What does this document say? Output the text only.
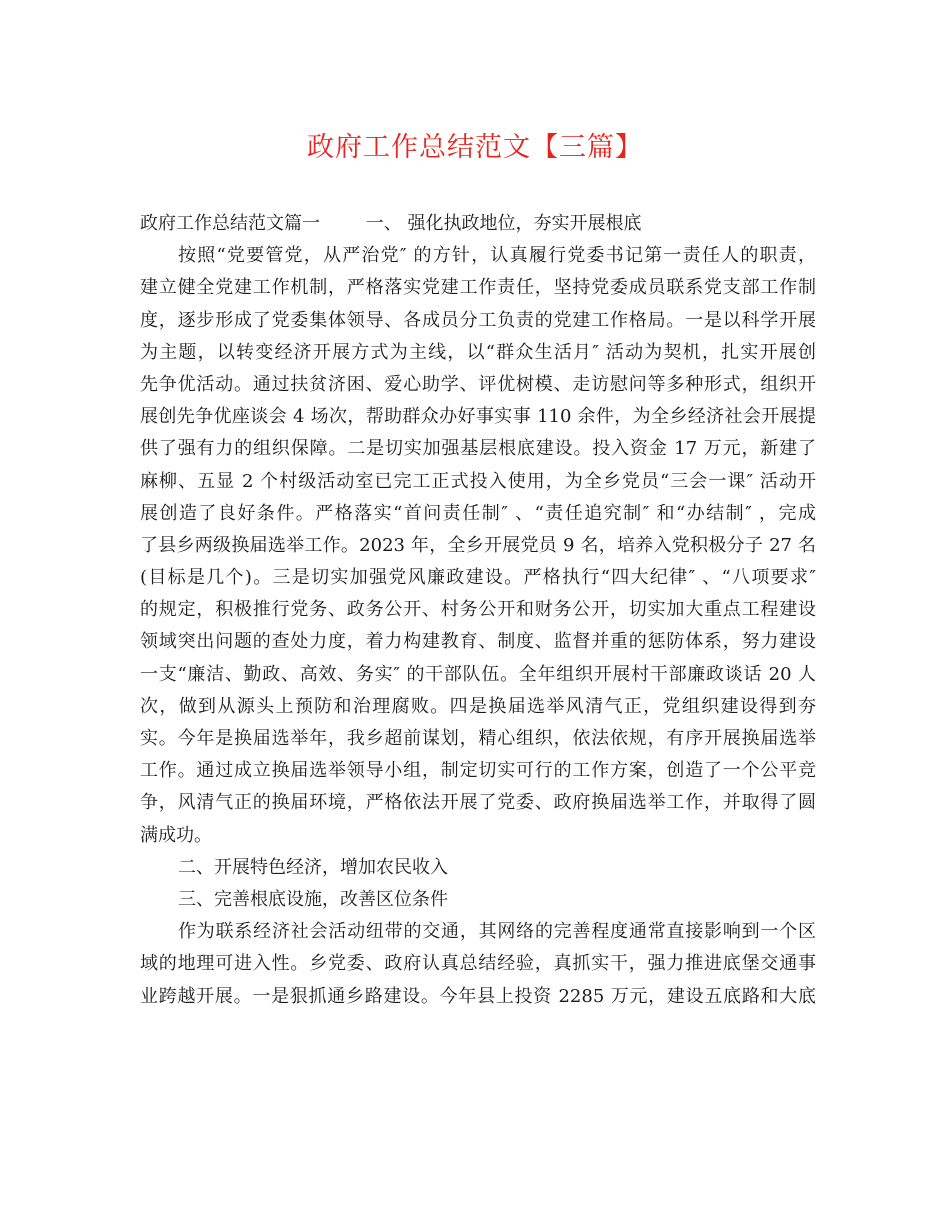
政府工作总结范文【三篇】
政府工作总结范文篇一        一、 强化执政地位，夯实开展根底
按照“党要管党，从严治党″ 的方针，认真履行党委书记第一责任人的职责，
建立健全党建工作机制，严格落实党建工作责任，坚持党委成员联系党支部工作制
度，逐步形成了党委集体领导、各成员分工负责的党建工作格局。一是以科学开展
为主题，以转变经济开展方式为主线，以“群众生活月″ 活动为契机，扎实开展创
先争优活动。通过扶贫济困、爱心助学、评优树模、走访慰问等多种形式，组织开
展创先争优座谈会 4 场次，帮助群众办好事实事 110 余件，为全乡经济社会开展提
供了强有力的组织保障。二是切实加强基层根底建设。投入资金 17 万元，新建了
麻柳、五显 2 个村级活动室已完工正式投入使用，为全乡党员“三会一课″ 活动开
展创造了良好条件。严格落实“首问责任制″ 、“责任追究制″ 和“办结制″ ，完成
了县乡两级换届选举工作。2023 年，全乡开展党员 9 名，培养入党积极分子 27 名
(目标是几个)。三是切实加强党风廉政建设。严格执行“四大纪律″ 、“八项要求″
的规定，积极推行党务、政务公开、村务公开和财务公开，切实加大重点工程建设
领域突出问题的查处力度，着力构建教育、制度、监督并重的惩防体系，努力建设
一支“廉洁、勤政、高效、务实″ 的干部队伍。全年组织开展村干部廉政谈话 20 人
次，做到从源头上预防和治理腐败。四是换届选举风清气正，党组织建设得到夯
实。今年是换届选举年，我乡超前谋划，精心组织，依法依规，有序开展换届选举
工作。通过成立换届选举领导小组，制定切实可行的工作方案，创造了一个公平竞
争，风清气正的换届环境，严格依法开展了党委、政府换届选举工作，并取得了圆
满成功。
二、开展特色经济，增加农民收入
三、完善根底设施，改善区位条件
作为联系经济社会活动纽带的交通，其网络的完善程度通常直接影响到一个区
域的地理可进入性。乡党委、政府认真总结经验，真抓实干，强力推进底堡交通事
业跨越开展。一是狠抓通乡路建设。今年县上投资 2285 万元，建设五底路和大底
